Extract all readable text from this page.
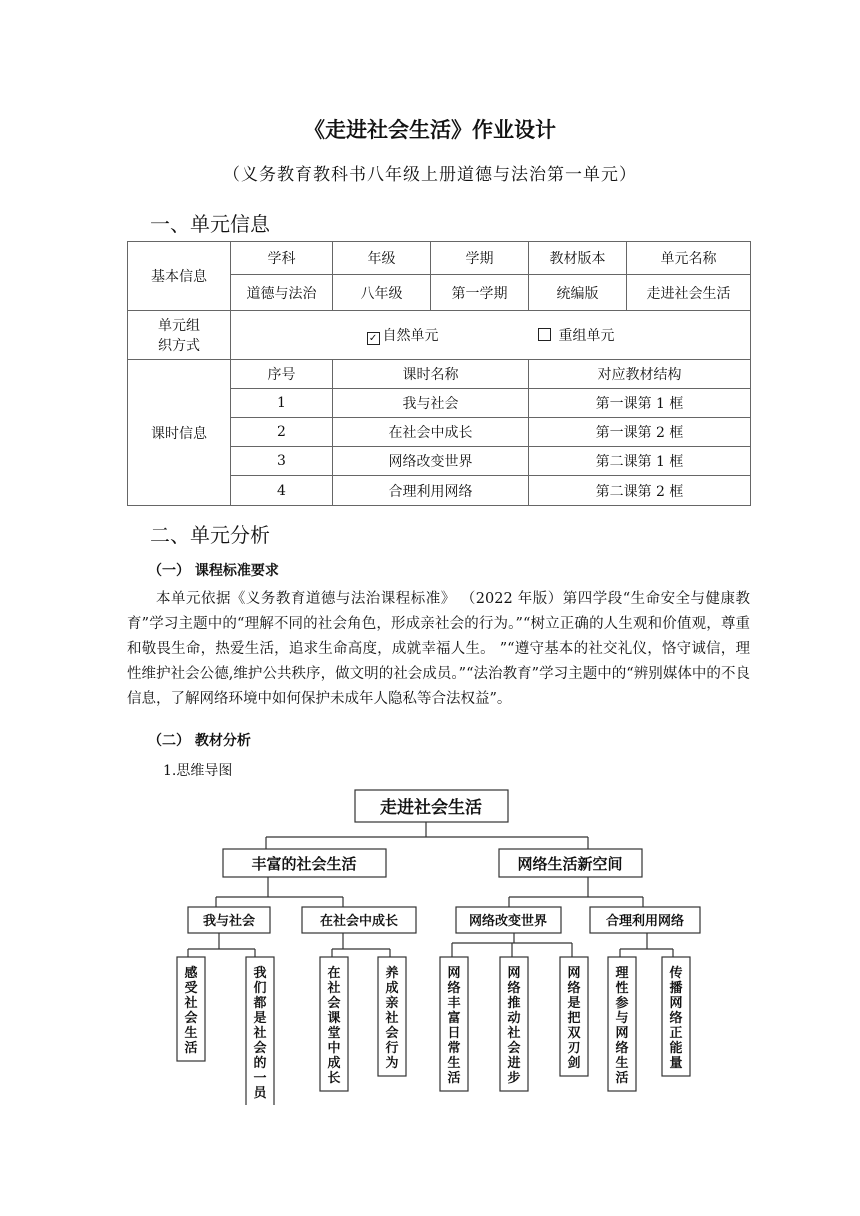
《走进社会生活》作业设计
（义务教育教科书八年级上册道德与法治第一单元）
一、单元信息
基本信息	学科	年级	学期	教材版本	单元名称
	道德与法治	八年级	第一学期	统编版	走进社会生活

单元组
织方式	✓ 自然单元 重组单元				
课时信息	序号	课时名称		对应教材结构	
	1	我与社会		第一课第 1 框	
	2	在社会中成长		第一课第 2 框	
	3	网络改变世界		第二课第 1 框	
	4	合理利用网络		第二课第 2 框	
二、单元分析
（一） 课程标准要求

本单元依据《义务教育道德与法治课程标准》 （2022 年版）第四学段“生命安全与健康教育”学习主题中的“理解不同的社会角色，形成亲社会的行为。”“树立正确的人生观和价值观，尊重和敬畏生命，热爱生活，追求生命高度，成就幸福人生。 ”“遵守基本的社交礼仪，恪守诚信，理性维护社会公德,维护公共秩序，做文明的社会成员。”“法治教育”学习主题中的“辨别媒体中的不良信息，了解网络环境中如何保护未成年人隐私等合法权益”。

（二） 教材分析
1.思维导图
走进社会生活
丰富的社会生活	网络生活新空间
我与社会	在社会中成长	网络改变世界	合理利用网络
感受社会生活
我们都是社会的一员
在社会课堂中成长
养成亲社会行为
网络丰富日常生活
网络推动社会进步
网络是把双刃剑
理性参与网络生活
传播网络正能量
